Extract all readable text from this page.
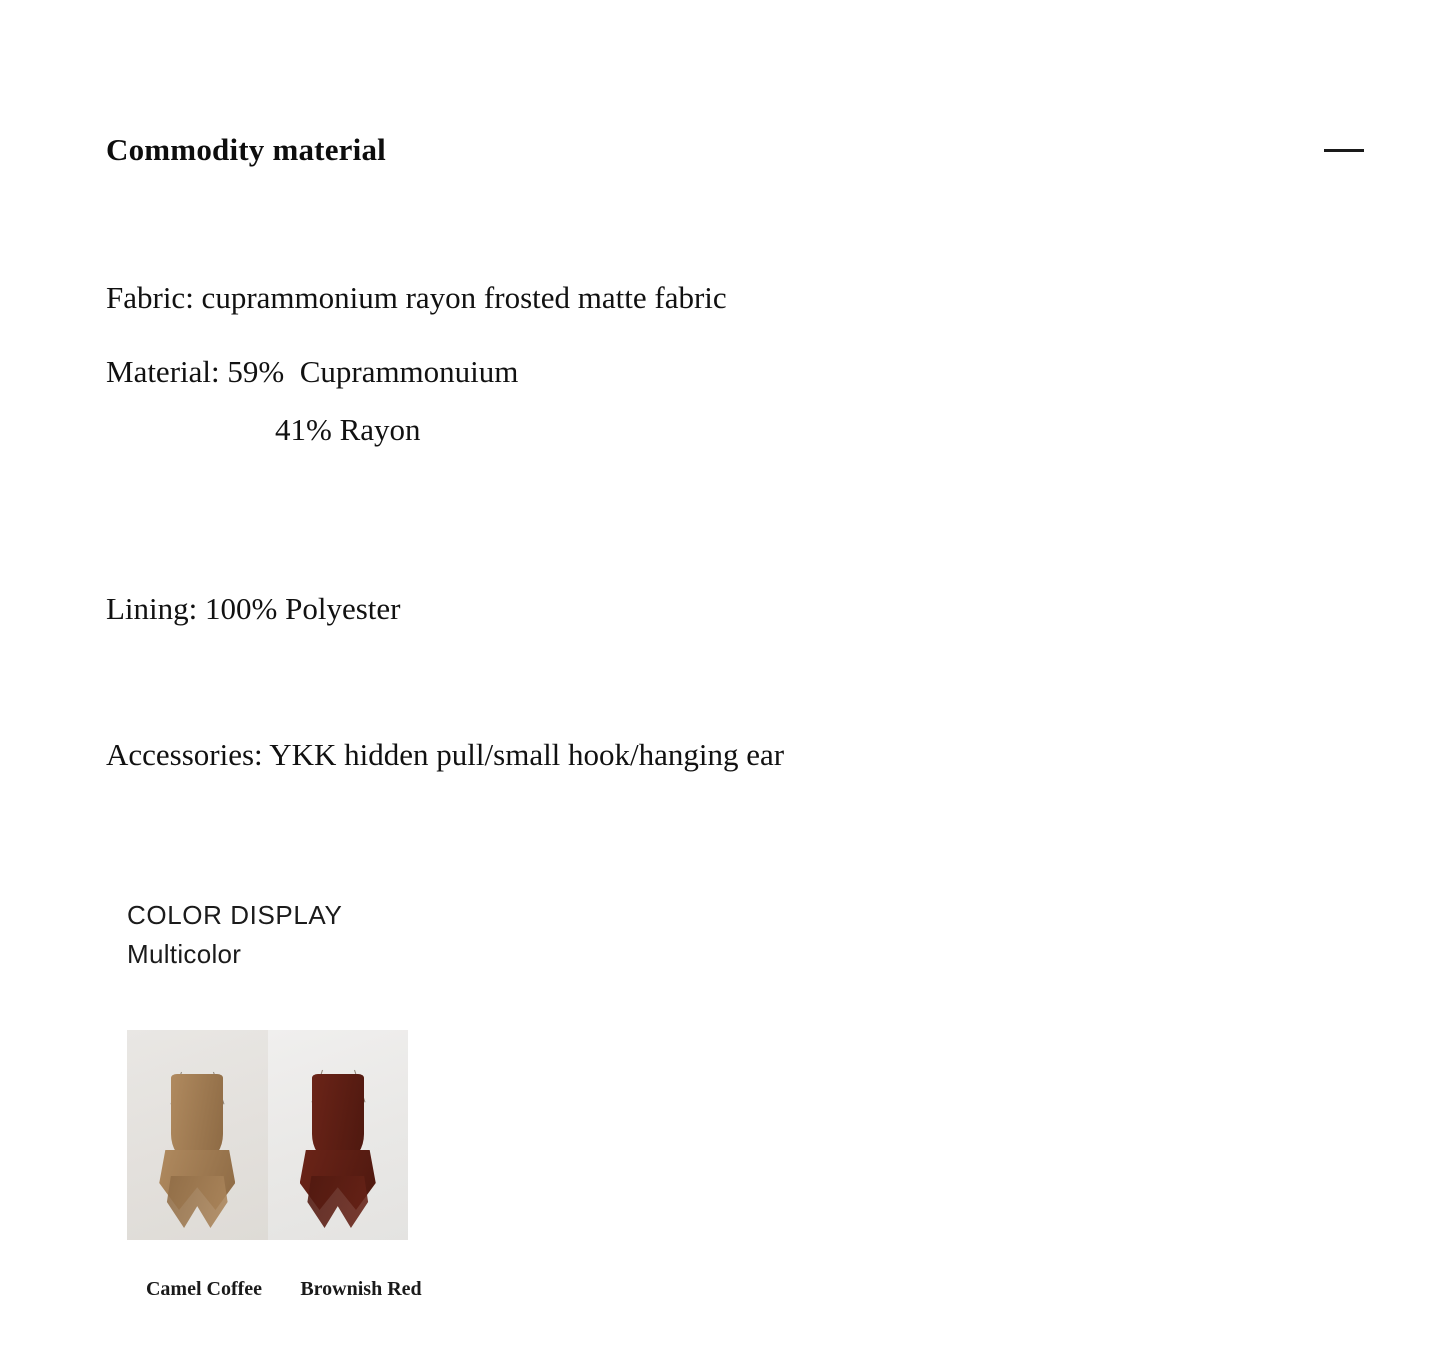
Commodity material
Fabric: cuprammonium rayon frosted matte fabric
Material: 59%  Cuprammonuium
41% Rayon
Lining: 100% Polyester
Accessories: YKK hidden pull/small hook/hanging ear
COLOR DISPLAY
Multicolor
Camel Coffee	Brownish Red
